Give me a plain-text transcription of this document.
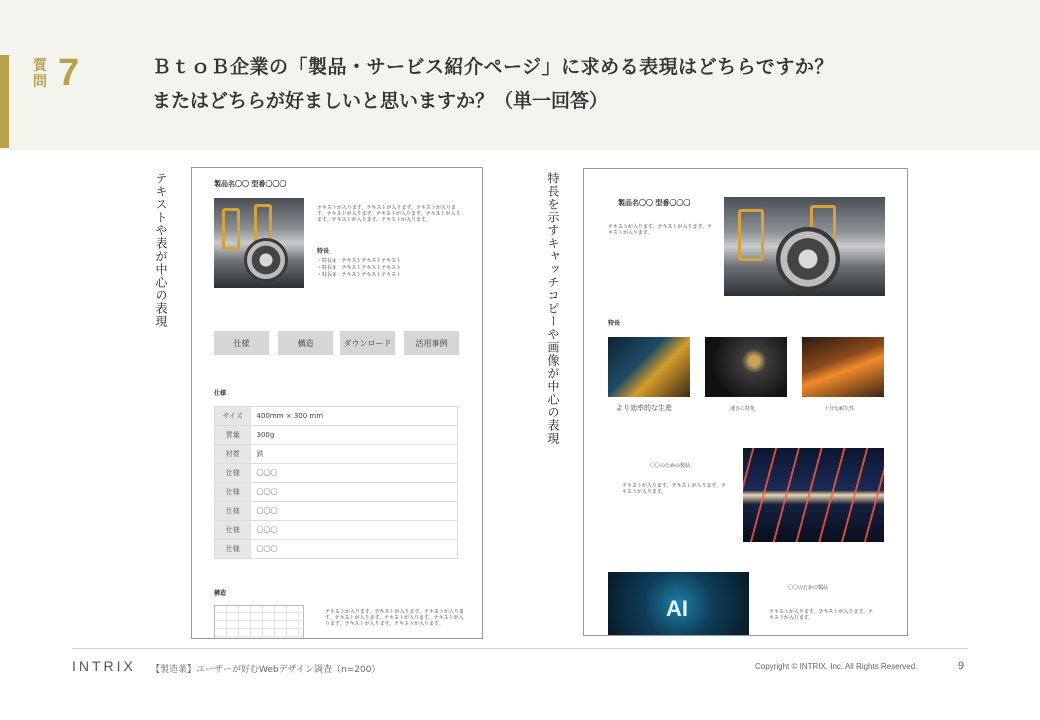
質問 7	ＢｔｏＢ企業の「製品・サービス紹介ページ」に求める表現はどちらですか？
またはどちらが好ましいと思いますか？（単一回答）
テキストや表が中心の表現	製品名〇〇 型番〇〇〇
テキストが入ります。テキストが入ります。テキストが入ります。テキストが入ります。テキストが入ります。テキストが入ります。テキストが入ります。テキストが入ります。
特長
・特長①　テキストテキストテキスト
・特長②　テキストテキストテキスト
・特長③　テキストテキストテキスト
仕様	構造	ダウンロード	活用事例
仕様
サイズ	400mm × 300 mm
質量	300g
材質	鉄
仕様	〇〇〇
仕様	〇〇〇
仕様	〇〇〇
仕様	〇〇〇
仕様	〇〇〇
構造
テキストが入ります。テキストが入ります。テキストが入ります。テキストが入ります。テキストが入ります。テキストが入ります。テキストが入ります。テキストが入ります。
特長を示すキャッチコピーや画像が中心の表現	製品名〇〇 型番〇〇〇
テキストが入ります。テキストが入ります。テキストが入ります。
特長
より効率的な生産	速さに特化	十分な耐久性
〇〇のための製品
テキストが入ります。テキストが入ります。テキストが入ります。
AI
〇〇のための製品
テキストが入ります。テキストが入ります。テキストが入ります。
INTRIX 【製造業】ユーザーが好むWebデザイン調査（n=200）	Copyright © INTRIX, Inc. All Rights Reserved.	9
